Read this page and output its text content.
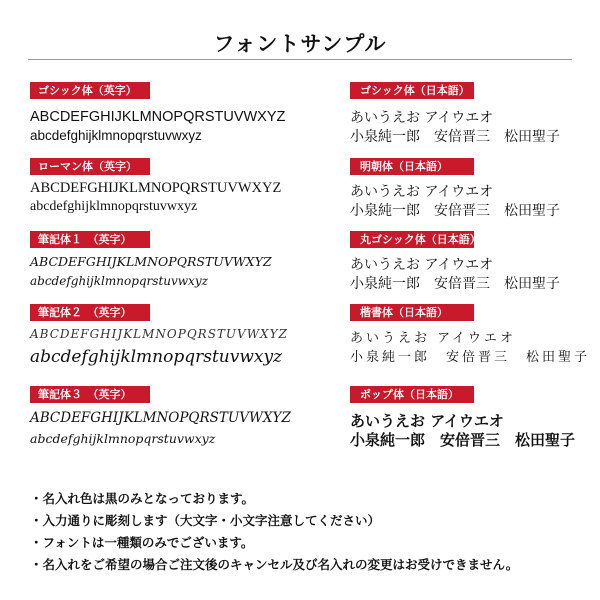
フォントサンプル
ゴシック体（英字）
ABCDEFGHIJKLMNOPQRSTUVWXYZ
abcdefghijklmnopqrstuvwxyz
ローマン体（英字）
ABCDEFGHIJKLMNOPQRSTUVWXYZ
abcdefghijklmnopqrstuvwxyz
筆記体１　（英字）
ABCDEFGHIJKLMNOPQRSTUVWXYZ
abcdefghijklmnopqrstuvwxyz
筆記体２　（英字）
ABCDEFGHIJKLMNOPQRSTUVWXYZ
abcdefghijklmnopqrstuvwxyz
筆記体３　（英字）
ABCDEFGHIJKLMNOPQRSTUVWXYZ
abcdefghijklmnopqrstuvwxyz
ゴシック体（日本語）
あいうえお アイウエオ
小泉純一郎　安倍晋三　松田聖子
明朝体（日本語）
あいうえお アイウエオ
小泉純一郎　安倍晋三　松田聖子
丸ゴシック体（日本語）
あいうえお アイウエオ
小泉純一郎　安倍晋三　松田聖子
楷書体（日本語）
あいうえお アイウエオ
小泉純一郎　安倍晋三　松田聖子
ポップ体（日本語）
あいうえお アイウエオ
小泉純一郎　安倍晋三　松田聖子
・名入れ色は黒のみとなっております。
・入力通りに彫刻します（大文字・小文字注意してください）
・フォントは一種類のみでございます。
・名入れをご希望の場合ご注文後のキャンセル及び名入れの変更はお受けできません。
